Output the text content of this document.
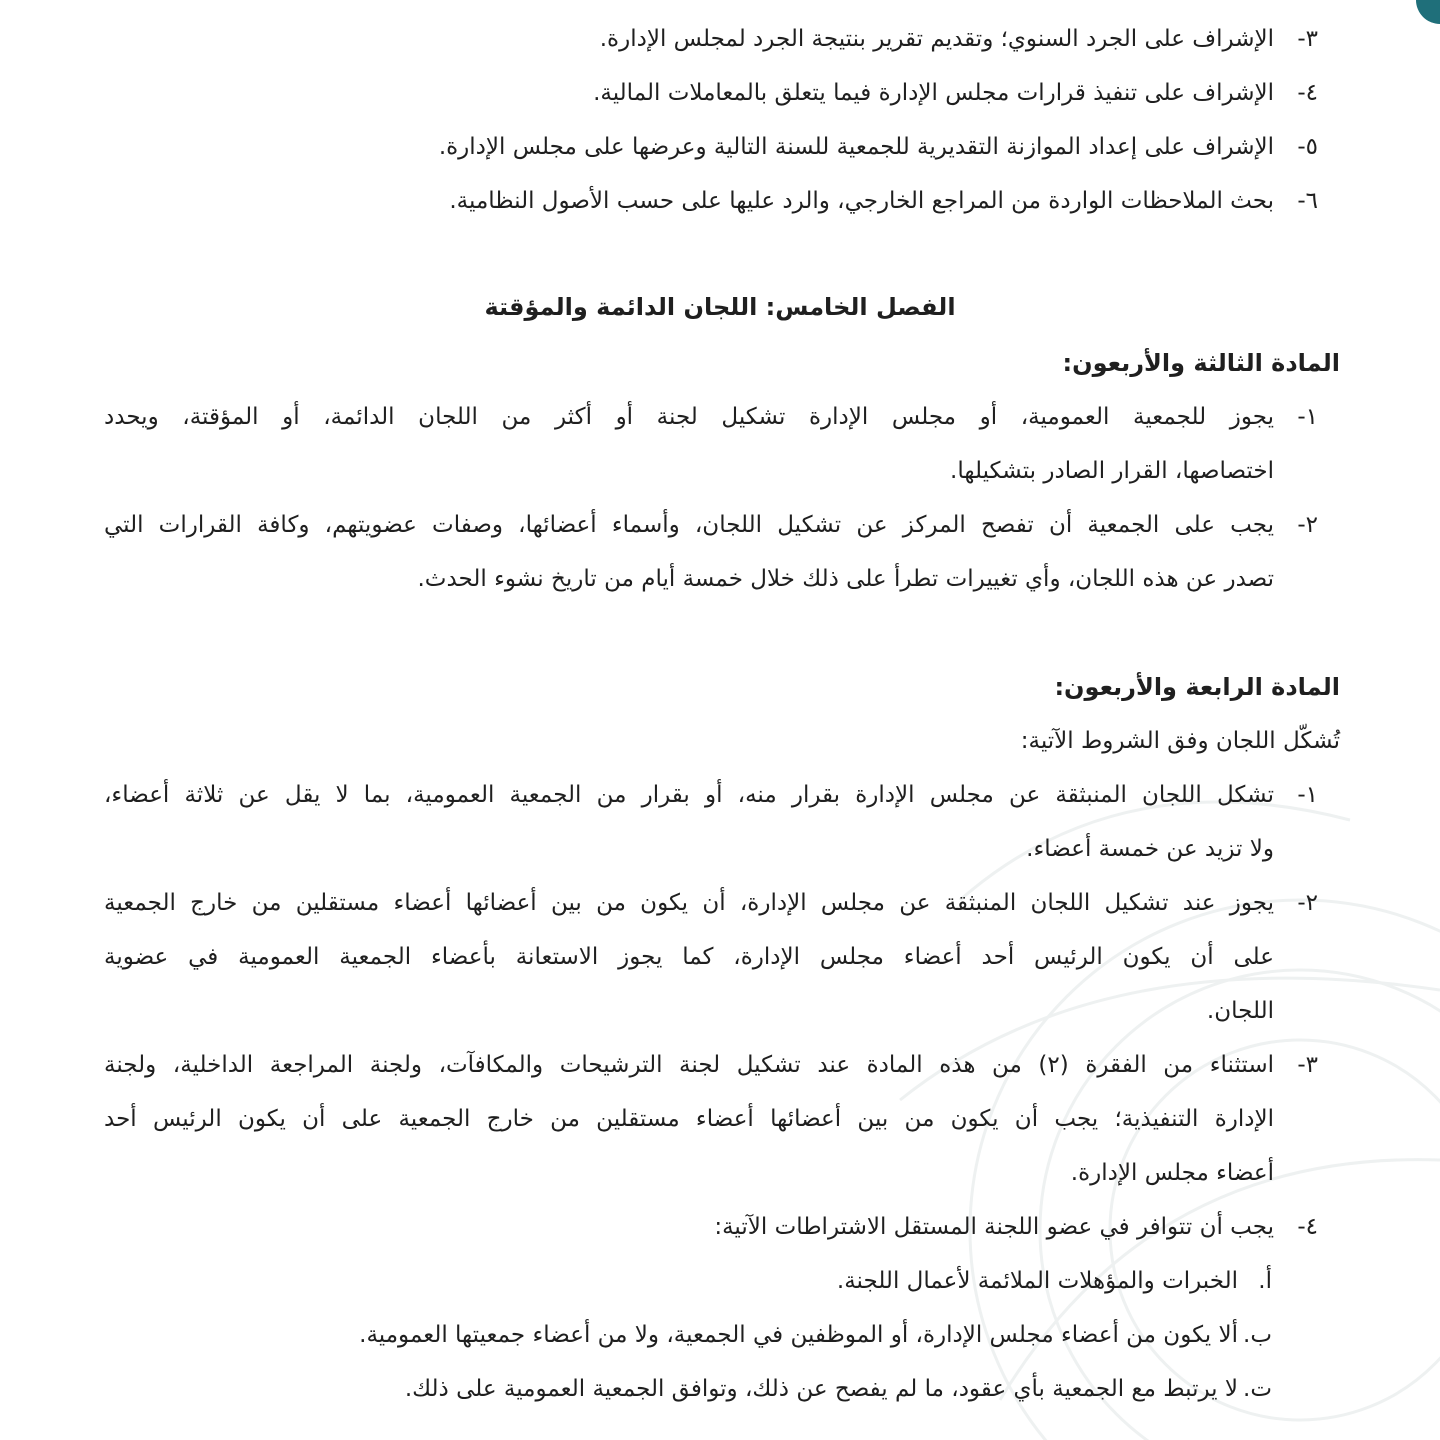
٣-
الإشراف على الجرد السنوي؛ وتقديم تقرير بنتيجة الجرد لمجلس الإدارة.
٤-
الإشراف على تنفيذ قرارات مجلس الإدارة فيما يتعلق بالمعاملات المالية.
٥-
الإشراف على إعداد الموازنة التقديرية للجمعية للسنة التالية وعرضها على مجلس الإدارة.
٦-
بحث الملاحظات الواردة من المراجع الخارجي، والرد عليها على حسب الأصول النظامية.
الفصل الخامس: اللجان الدائمة والمؤقتة
المادة الثالثة والأربعون:
١-
يجوز للجمعية العمومية، أو مجلس الإدارة تشكيل لجنة أو أكثر من اللجان الدائمة، أو المؤقتة، ويحدد
اختصاصها، القرار الصادر بتشكيلها.
٢-
يجب على الجمعية أن تفصح المركز عن تشكيل اللجان، وأسماء أعضائها، وصفات عضويتهم، وكافة القرارات التي
تصدر عن هذه اللجان، وأي تغييرات تطرأ على ذلك خلال خمسة أيام من تاريخ نشوء الحدث.
المادة الرابعة والأربعون:
تُشكّل اللجان وفق الشروط الآتية:
١-
تشكل اللجان المنبثقة عن مجلس الإدارة بقرار منه، أو بقرار من الجمعية العمومية، بما لا يقل عن ثلاثة أعضاء،
ولا تزيد عن خمسة أعضاء.
٢-
يجوز عند تشكيل اللجان المنبثقة عن مجلس الإدارة، أن يكون من بين أعضائها أعضاء مستقلين من خارج الجمعية
على أن يكون الرئيس أحد أعضاء مجلس الإدارة، كما يجوز الاستعانة بأعضاء الجمعية العمومية في عضوية
اللجان.
٣-
استثناء من الفقرة (٢) من هذه المادة عند تشكيل لجنة الترشيحات والمكافآت، ولجنة المراجعة الداخلية، ولجنة
الإدارة التنفيذية؛ يجب أن يكون من بين أعضائها أعضاء مستقلين من خارج الجمعية على أن يكون الرئيس أحد
أعضاء مجلس الإدارة.
٤-
يجب أن تتوافر في عضو اللجنة المستقل الاشتراطات الآتية:
أ.الخبرات والمؤهلات الملائمة لأعمال اللجنة.
ب.ألا يكون من أعضاء مجلس الإدارة، أو الموظفين في الجمعية، ولا من أعضاء جمعيتها العمومية.
ت.لا يرتبط مع الجمعية بأي عقود، ما لم يفصح عن ذلك، وتوافق الجمعية العمومية على ذلك.
